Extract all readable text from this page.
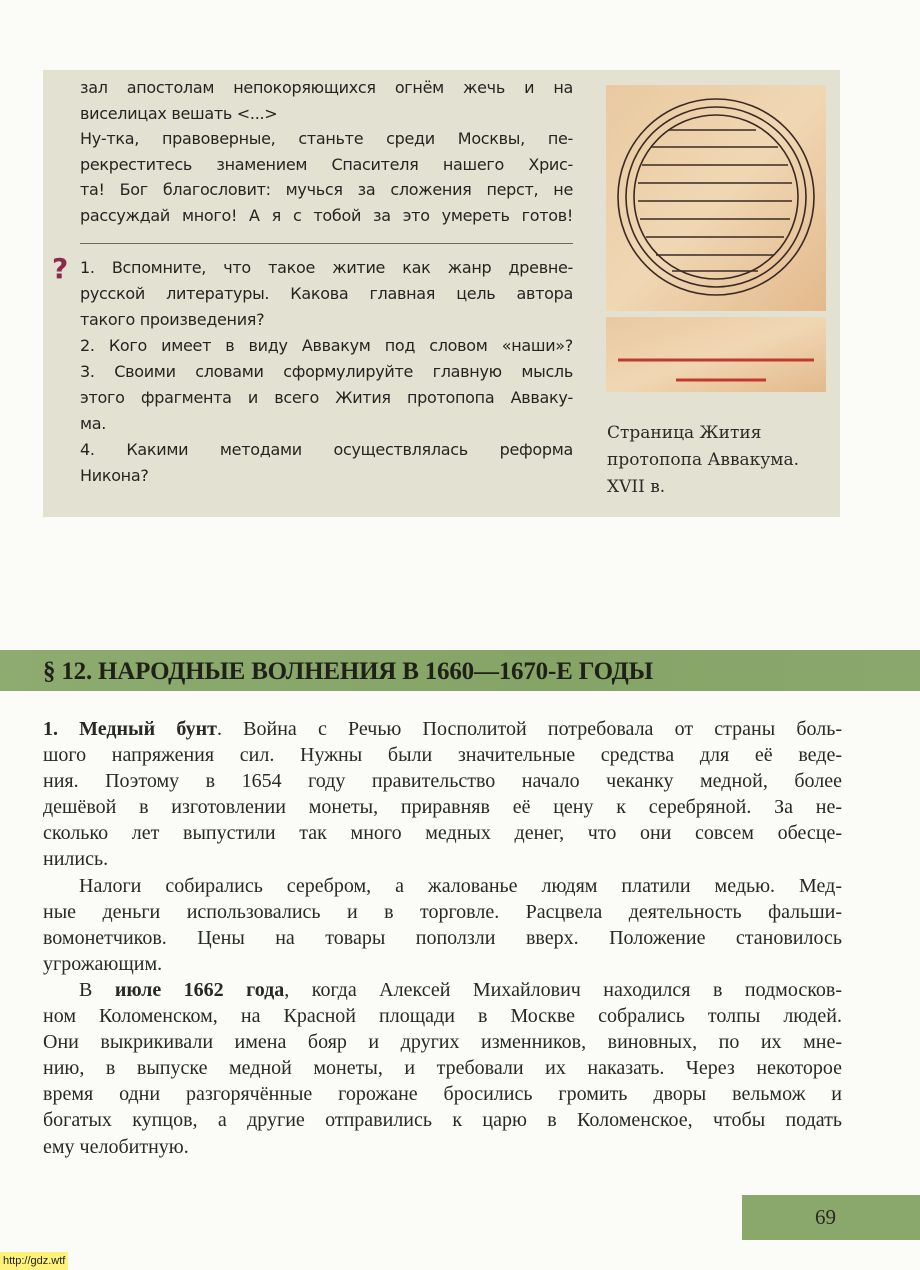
зал апостолам непокоряющихся огнём жечь и на
виселицах вешать <...>
Ну-тка, правоверные, станьте среди Москвы, пе-
рекреститесь знамением Спасителя нашего Хрис-
та! Бог благословит: мучься за сложения перст, не
рассуждай много! А я с тобой за это умереть готов!
? 1. Вспомните, что такое житие как жанр древне-
русской литературы. Какова главная цель автора
такого произведения?
2. Кого имеет в виду Аввакум под словом «наши»?
3. Своими словами сформулируйте главную мысль
этого фрагмента и всего Жития протопопа Авваку-
ма.
4. Какими методами осуществлялась реформа
Никона?
Страница Жития
протопопа Аввакума.
XVII в.
§ 12. НАРОДНЫЕ ВОЛНЕНИЯ В 1660—1670-Е ГОДЫ
1. Медный бунт. Война с Речью Посполитой потребовала от страны боль-
шого напряжения сил. Нужны были значительные средства для её веде-
ния. Поэтому в 1654 году правительство начало чеканку медной, более
дешёвой в изготовлении монеты, приравняв её цену к серебряной. За не-
сколько лет выпустили так много медных денег, что они совсем обесце-
нились.
Налоги собирались серебром, а жалованье людям платили медью. Мед-
ные деньги использовались и в торговле. Расцвела деятельность фальши-
вомонетчиков. Цены на товары поползли вверх. Положение становилось
угрожающим.
В июле 1662 года, когда Алексей Михайлович находился в подмосков-
ном Коломенском, на Красной площади в Москве собрались толпы людей.
Они выкрикивали имена бояр и других изменников, виновных, по их мне-
нию, в выпуске медной монеты, и требовали их наказать. Через некоторое
время одни разгорячённые горожане бросились громить дворы вельмож и
богатых купцов, а другие отправились к царю в Коломенское, чтобы подать
ему челобитную.
69
http://gdz.wtf
